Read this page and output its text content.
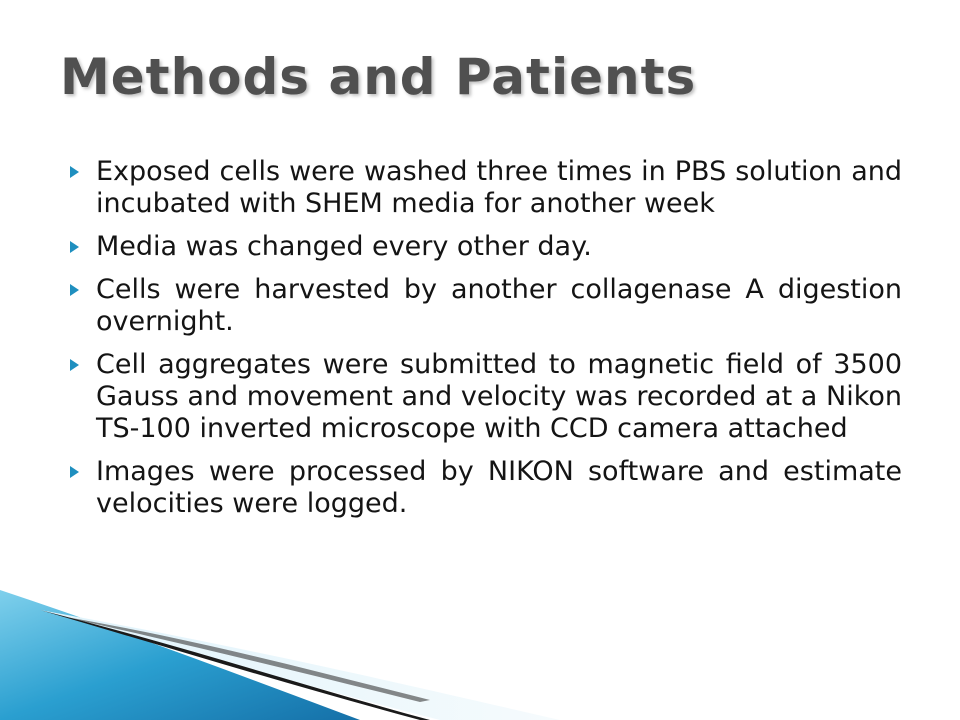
Methods and Patients
Exposed cells were washed three times in PBS solution and incubated with SHEM media for another week
Media was changed every other day.
Cells were harvested by another collagenase A digestion overnight.
Cell aggregates were submitted to magnetic field of 3500 Gauss and movement and velocity was recorded at a Nikon TS-100 inverted microscope with CCD camera attached
Images were processed by NIKON software and estimate velocities were logged.
